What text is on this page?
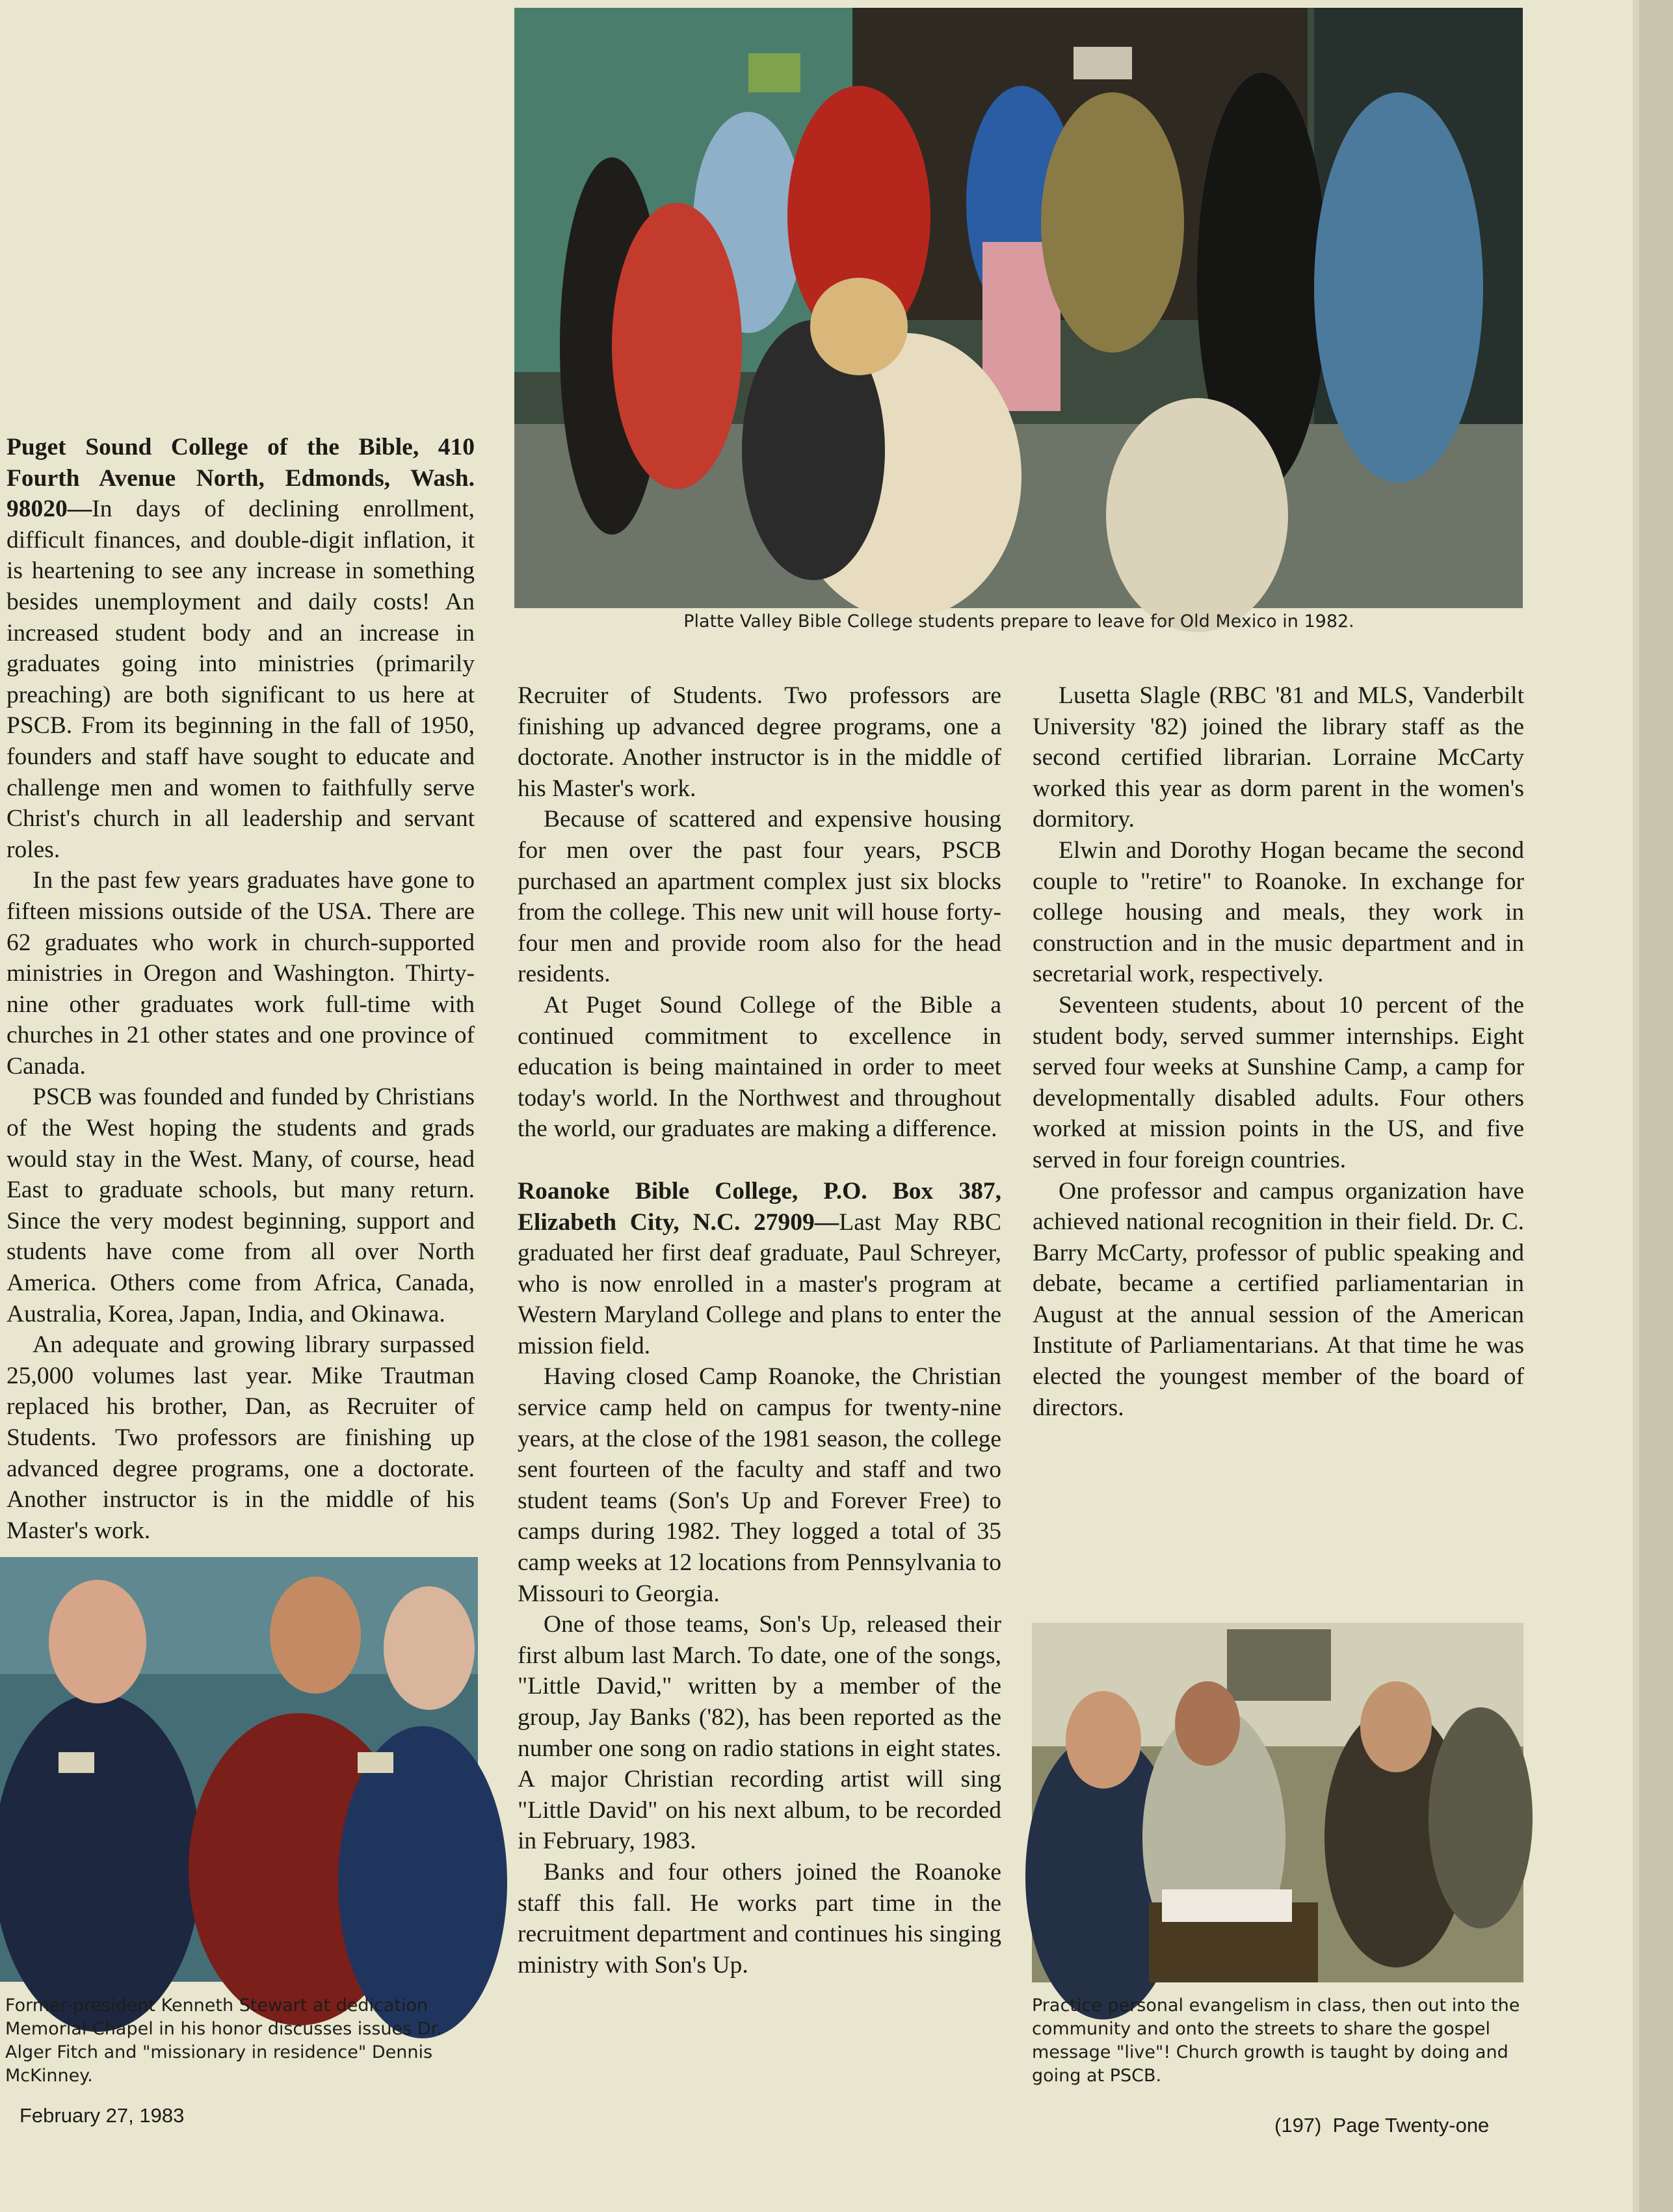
Platte Valley Bible College students prepare to leave for Old Mexico in 1982.

Puget Sound College of the Bible, 410 Fourth Avenue North, Edmonds, Wash. 98020—In days of declining enrollment, difficult finances, and double-digit inflation, it is heartening to see any increase in something besides unemployment and daily costs! An increased student body and an increase in graduates going into ministries (primarily preaching) are both significant to us here at PSCB. From its beginning in the fall of 1950, founders and staff have sought to educate and challenge men and women to faithfully serve Christ's church in all leadership and servant roles.

In the past few years graduates have gone to fifteen missions outside of the USA. There are 62 graduates who work in church-supported ministries in Oregon and Washington. Thirty-nine other graduates work full-time with churches in 21 other states and one province of Canada.

PSCB was founded and funded by Christians of the West hoping the students and grads would stay in the West. Many, of course, head East to graduate schools, but many return. Since the very modest beginning, support and students have come from all over North America. Others come from Africa, Canada, Australia, Korea, Japan, India, and Okinawa.

An adequate and growing library surpassed 25,000 volumes last year. Mike Trautman replaced his brother, Dan, as Recruiter of Students. Two professors are finishing up advanced degree programs, one a doctorate. Another instructor is in the middle of his Master's work.

Former-president Kenneth Stewart at dedication Memorial Chapel in his honor discusses issues Dr. Alger Fitch and "missionary in residence" Dennis McKinney.

Recruiter of Students. Two professors are finishing up advanced degree programs, one a doctorate. Another instructor is in the middle of his Master's work.

Because of scattered and expensive housing for men over the past four years, PSCB purchased an apartment complex just six blocks from the college. This new unit will house forty-four men and provide room also for the head residents.

At Puget Sound College of the Bible a continued commitment to excellence in education is being maintained in order to meet today's world. In the Northwest and throughout the world, our graduates are making a difference.

Roanoke Bible College, P.O. Box 387, Elizabeth City, N.C. 27909—Last May RBC graduated her first deaf graduate, Paul Schreyer, who is now enrolled in a master's program at Western Maryland College and plans to enter the mission field.

Having closed Camp Roanoke, the Christian service camp held on campus for twenty-nine years, at the close of the 1981 season, the college sent fourteen of the faculty and staff and two student teams (Son's Up and Forever Free) to camps during 1982. They logged a total of 35 camp weeks at 12 locations from Pennsylvania to Missouri to Georgia.

One of those teams, Son's Up, released their first album last March. To date, one of the songs, "Little David," written by a member of the group, Jay Banks ('82), has been reported as the number one song on radio stations in eight states. A major Christian recording artist will sing "Little David" on his next album, to be recorded in February, 1983.

Banks and four others joined the Roanoke staff this fall. He works part time in the recruitment department and continues his singing ministry with Son's Up.

Lusetta Slagle (RBC '81 and MLS, Vanderbilt University '82) joined the library staff as the second certified librarian. Lorraine McCarty worked this year as dorm parent in the women's dormitory.

Elwin and Dorothy Hogan became the second couple to "retire" to Roanoke. In exchange for college housing and meals, they work in construction and in the music department and in secretarial work, respectively.

Seventeen students, about 10 percent of the student body, served summer internships. Eight served four weeks at Sunshine Camp, a camp for developmentally disabled adults. Four others worked at mission points in the US, and five served in four foreign countries.

One professor and campus organization have achieved national recognition in their field. Dr. C. Barry McCarty, professor of public speaking and debate, became a certified parliamentarian in August at the annual session of the American Institute of Parliamentarians. At that time he was elected the youngest member of the board of directors.

Practice personal evangelism in class, then out into the community and onto the streets to share the gospel message "live"! Church growth is taught by doing and going at PSCB.
February 27, 1983	(197)  Page Twenty-one
